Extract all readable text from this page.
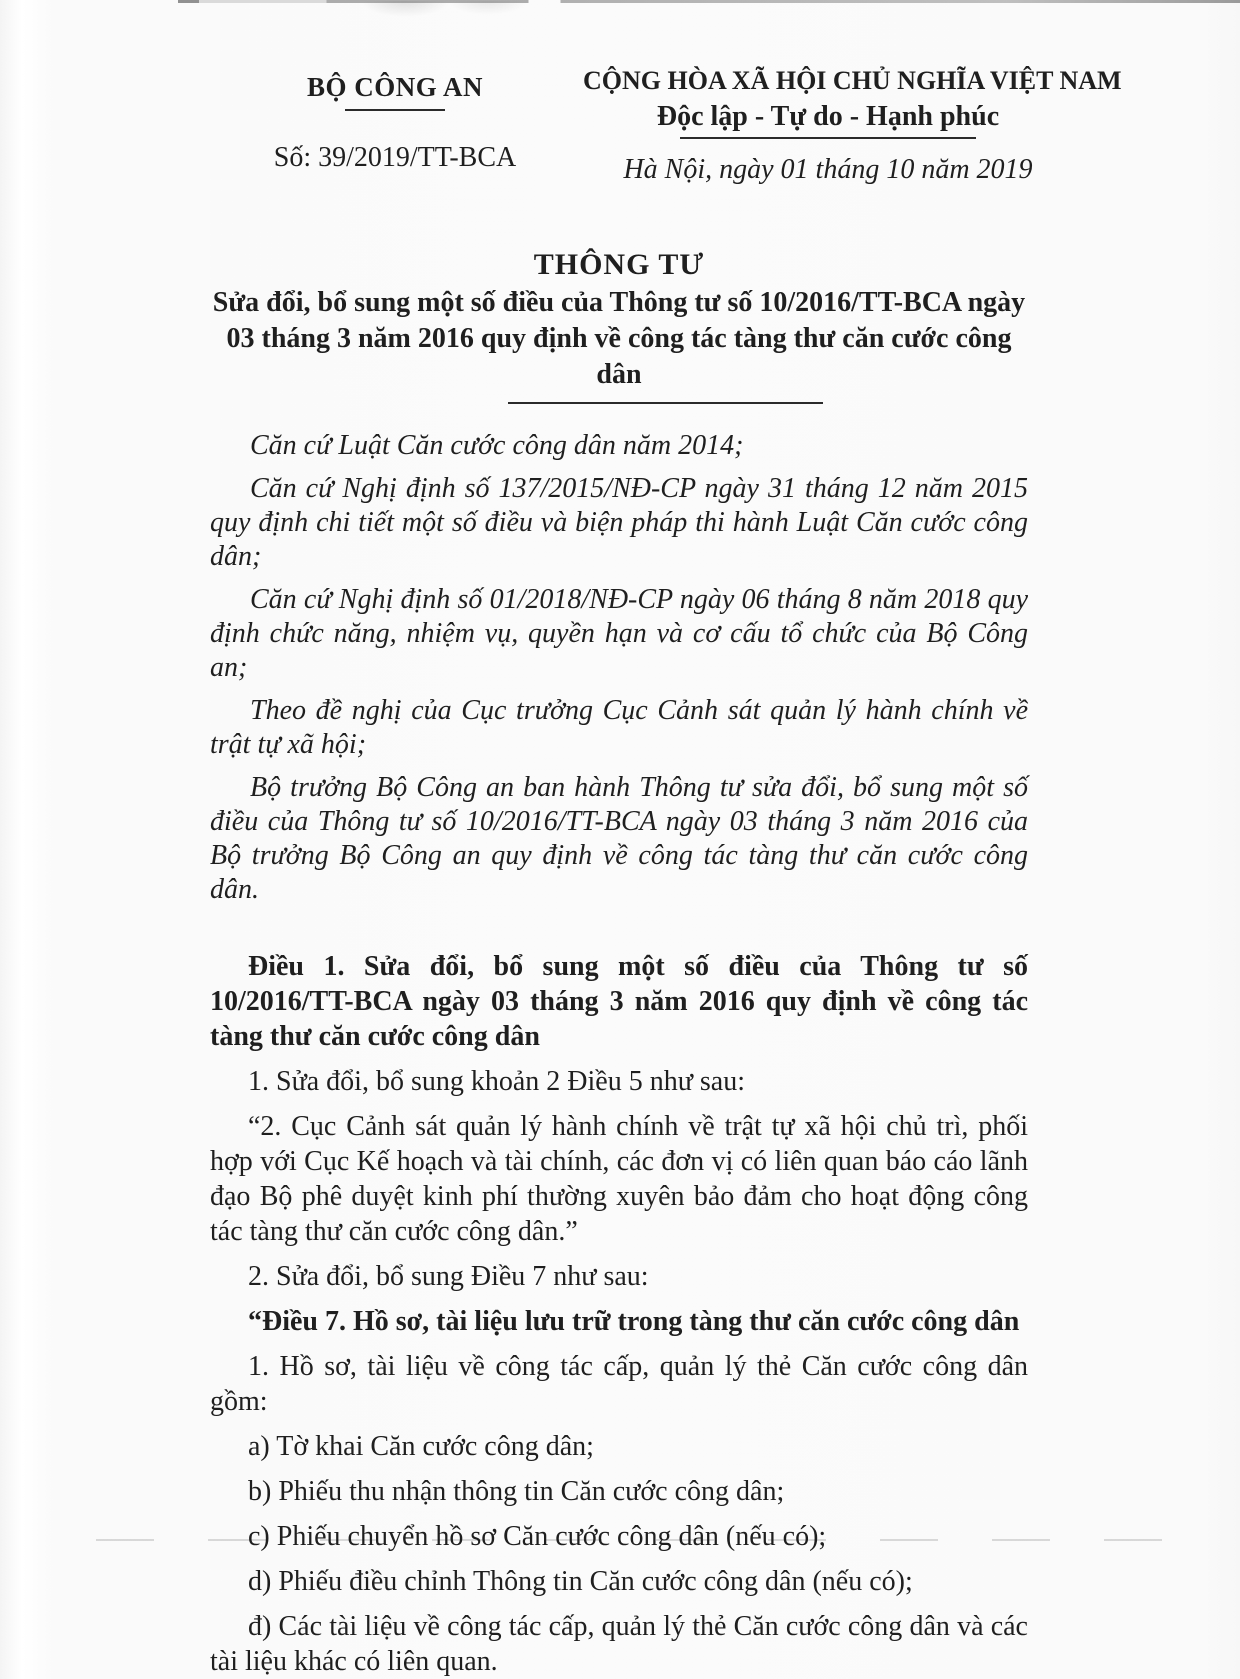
BỘ CÔNG AN
Số: 39/2019/TT-BCA
CỘNG HÒA XÃ HỘI CHỦ NGHĨA VIỆT NAM
Độc lập - Tự do - Hạnh phúc
Hà Nội, ngày 01 tháng 10 năm 2019
THÔNG TƯ
Sửa đổi, bổ sung một số điều của Thông tư số 10/2016/TT-BCA ngày
03 tháng 3 năm 2016 quy định về công tác tàng thư căn cước công dân

Căn cứ Luật Căn cước công dân năm 2014;

Căn cứ Nghị định số 137/2015/NĐ-CP ngày 31 tháng 12 năm 2015 quy định chi tiết một số điều và biện pháp thi hành Luật Căn cước công dân;

Căn cứ Nghị định số 01/2018/NĐ-CP ngày 06 tháng 8 năm 2018 quy định chức năng, nhiệm vụ, quyền hạn và cơ cấu tổ chức của Bộ Công an;

Theo đề nghị của Cục trưởng Cục Cảnh sát quản lý hành chính về trật tự xã hội;

Bộ trưởng Bộ Công an ban hành Thông tư sửa đổi, bổ sung một số điều của Thông tư số 10/2016/TT-BCA ngày 03 tháng 3 năm 2016 của Bộ trưởng Bộ Công an quy định về công tác tàng thư căn cước công dân.

Điều 1. Sửa đổi, bổ sung một số điều của Thông tư số 10/2016/TT-BCA ngày 03 tháng 3 năm 2016 quy định về công tác tàng thư căn cước công dân

1. Sửa đổi, bổ sung khoản 2 Điều 5 như sau:

“2. Cục Cảnh sát quản lý hành chính về trật tự xã hội chủ trì, phối hợp với Cục Kế hoạch và tài chính, các đơn vị có liên quan báo cáo lãnh đạo Bộ phê duyệt kinh phí thường xuyên bảo đảm cho hoạt động công tác tàng thư căn cước công dân.”

2. Sửa đổi, bổ sung Điều 7 như sau:

“Điều 7. Hồ sơ, tài liệu lưu trữ trong tàng thư căn cước công dân

1. Hồ sơ, tài liệu về công tác cấp, quản lý thẻ Căn cước công dân gồm:

a) Tờ khai Căn cước công dân;

b) Phiếu thu nhận thông tin Căn cước công dân;

c) Phiếu chuyển hồ sơ Căn cước công dân (nếu có);

d) Phiếu điều chỉnh Thông tin Căn cước công dân (nếu có);

đ) Các tài liệu về công tác cấp, quản lý thẻ Căn cước công dân và các tài liệu khác có liên quan.
